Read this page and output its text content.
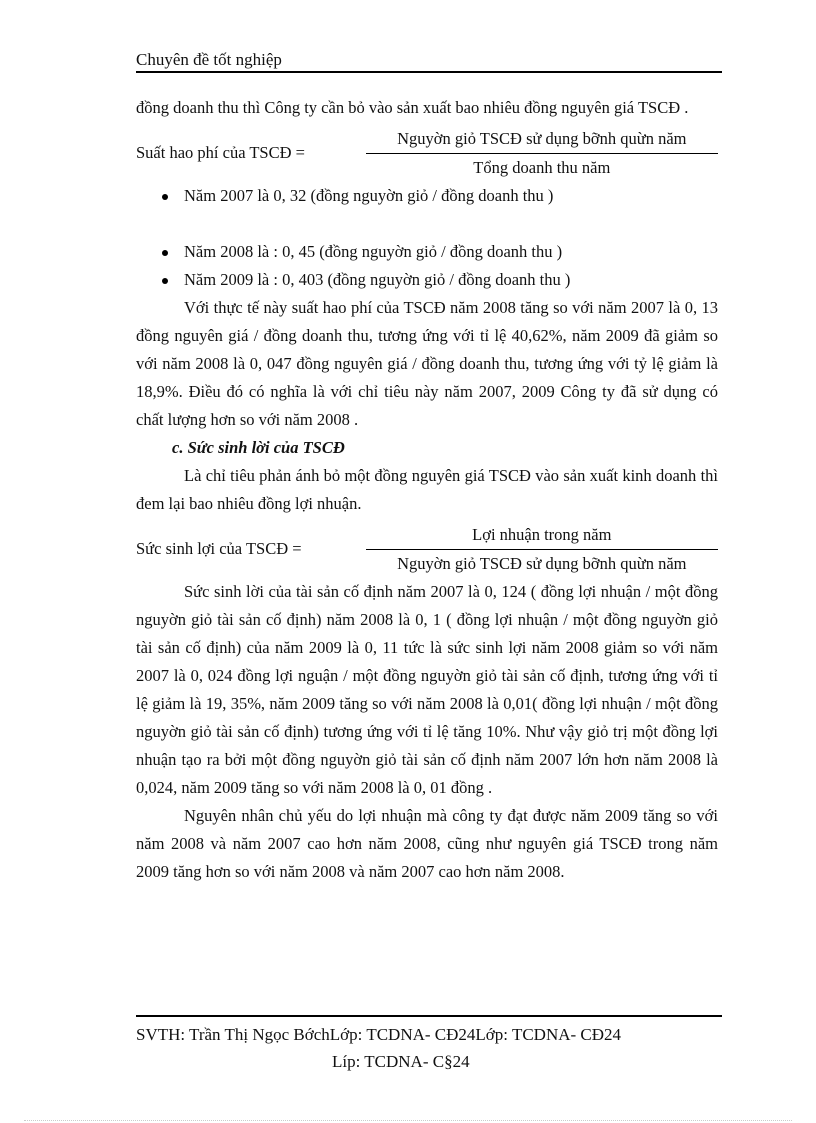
Chuyên đề tốt nghiệp

đồng doanh thu thì Công ty cần bỏ vào sản xuất bao nhiêu đồng nguyên giá TSCĐ .

Suất hao phí của TSCĐ =	$\frac{\text{Nguyờn giỏ TSCĐ sử dụng bỡnh quừn năm}}{\text{Tổng doanh thu năm}}$
Năm 2007 là 0, 32 (đồng nguyờn giỏ / đồng doanh thu )
Năm 2008 là : 0, 45 (đồng nguyờn giỏ / đồng doanh thu )
Năm 2009 là : 0, 403 (đồng nguyờn giỏ / đồng doanh thu )

Với thực tế này suất hao phí của TSCĐ năm 2008 tăng so với năm 2007 là 0, 13 đồng nguyên giá / đồng doanh thu, tương ứng với tỉ lệ 40,62%, năm 2009 đã giảm so với năm 2008 là 0, 047 đồng nguyên giá / đồng doanh thu, tương ứng với tỷ lệ giảm là 18,9%. Điều đó có nghĩa là với chỉ tiêu này năm 2007, 2009 Công ty đã sử dụng có chất lượng hơn so với năm 2008 .

c. Sức sinh lời của TSCĐ

Là chỉ tiêu phản ánh bỏ một đồng nguyên giá TSCĐ vào sản xuất kinh doanh thì đem lại bao nhiêu đồng lợi nhuận.

Sức sinh lợi của TSCĐ =	$\frac{\text{Lợi nhuận trong năm}}{\text{Nguyờn giỏ TSCĐ sử dụng bỡnh quừn năm}}$

Sức sinh lời của tài sản cố định năm 2007 là 0, 124 ( đồng lợi nhuận / một đồng nguyờn giỏ tài sản cố định) năm 2008 là 0, 1 ( đồng lợi nhuận / một đồng nguyờn giỏ tài sản cố định) của năm 2009 là 0, 11 tức là sức sinh lợi năm 2008 giảm so với năm 2007 là 0, 024 đồng lợi nguận / một đồng nguyờn giỏ tài sản cố định, tương ứng với tỉ lệ giảm là 19, 35%, năm 2009 tăng so với năm 2008 là 0,01( đồng lợi nhuận / một đồng nguyờn giỏ tài sản cố định) tương ứng với tỉ lệ tăng 10%. Như vậy giỏ trị một đồng lợi nhuận tạo ra bởi một đồng nguyờn giỏ tài sản cố định năm 2007 lớn hơn năm 2008 là 0,024, năm 2009 tăng so với năm 2008 là 0, 01 đồng .

Nguyên nhân chủ yếu do lợi nhuận mà công ty đạt được năm 2009 tăng so với năm 2008 và năm 2007 cao hơn năm 2008, cũng như nguyên giá TSCĐ trong năm 2009 tăng hơn so với năm 2008 và năm 2007 cao hơn năm 2008.

SVTH: Trần Thị Ngọc BớchLớp: TCDNA- CĐ24Lớp: TCDNA- CĐ24
Líp: TCDNA- C§24
